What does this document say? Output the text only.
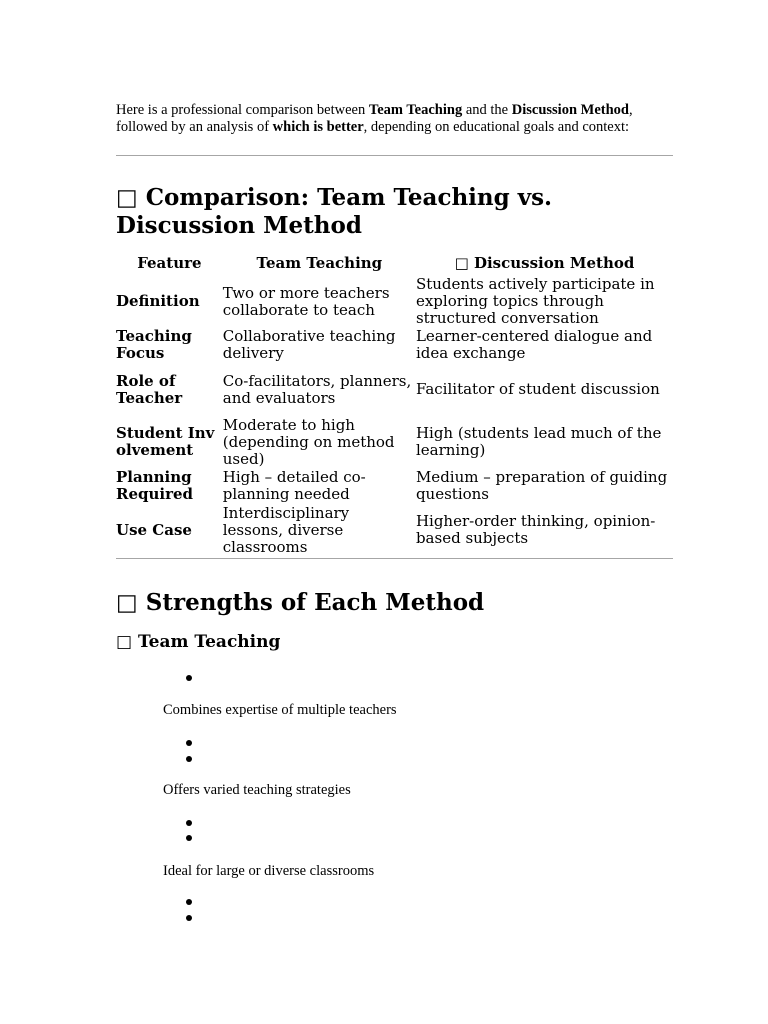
Here is a professional comparison between Team Teaching and the Discussion Method, followed by an analysis of which is better, depending on educational goals and context:

□ Comparison: Team Teaching vs. Discussion Method
Feature	Team Teaching	□ Discussion Method
Definition	Two or more teachers collaborate to teach	Students actively participate in exploring topics through structured conversation
Teaching Focus	Collaborative teaching delivery	Learner-centered dialogue and idea exchange
Role of Teacher	Co-facilitators, planners, and evaluators	Facilitator of student discussion
Student Involvement	Moderate to high (depending on method used)	High (students lead much of the learning)
Planning Required	High – detailed co-planning needed	Medium – preparation of guiding questions
Use Case	Interdisciplinary lessons, diverse classrooms	Higher-order thinking, opinion-based subjects
□ Strengths of Each Method
□ Team Teaching
Combines expertise of multiple teachers
Offers varied teaching strategies
Ideal for large or diverse classrooms
